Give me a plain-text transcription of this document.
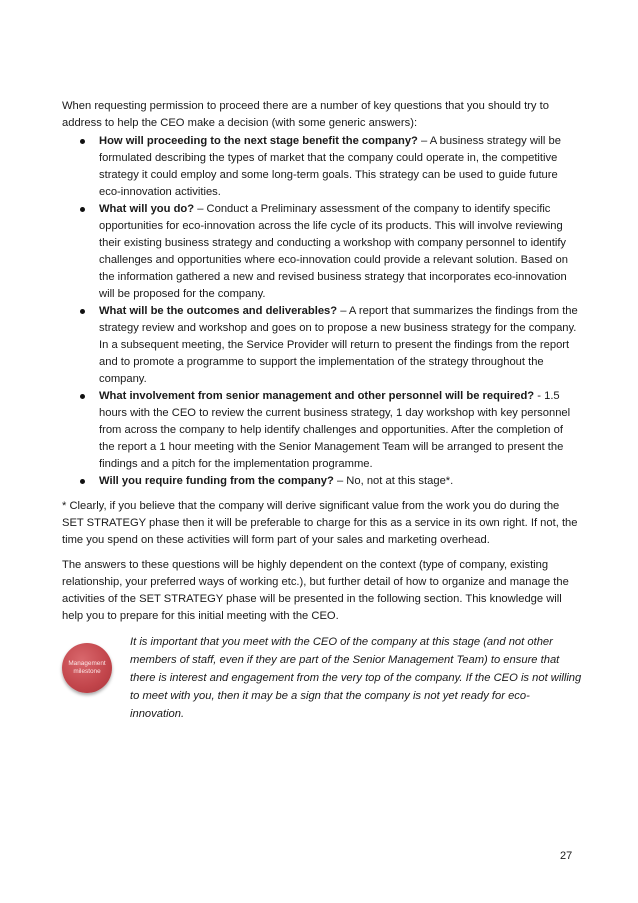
When requesting permission to proceed there are a number of key questions that you should try to address to help the CEO make a decision (with some generic answers):

How will proceeding to the next stage benefit the company? – A business strategy will be formulated describing the types of market that the company could operate in, the competitive strategy it could employ and some long-term goals. This strategy can be used to guide future eco-innovation activities.
What will you do? – Conduct a Preliminary assessment of the company to identify specific opportunities for eco-innovation across the life cycle of its products. This will involve reviewing their existing business strategy and conducting a workshop with company personnel to identify challenges and opportunities where eco-innovation could provide a relevant solution. Based on the information gathered a new and revised business strategy that incorporates eco-innovation will be proposed for the company.
What will be the outcomes and deliverables? – A report that summarizes the findings from the strategy review and workshop and goes on to propose a new business strategy for the company. In a subsequent meeting, the Service Provider will return to present the findings from the report and to promote a programme to support the implementation of the strategy throughout the company.
What involvement from senior management and other personnel will be required? - 1.5 hours with the CEO to review the current business strategy, 1 day workshop with key personnel from across the company to help identify challenges and opportunities. After the completion of the report a 1 hour meeting with the Senior Management Team will be arranged to present the findings and a pitch for the implementation programme.
Will you require funding from the company? – No, not at this stage*.

* Clearly, if you believe that the company will derive significant value from the work you do during the SET STRATEGY phase then it will be preferable to charge for this as a service in its own right. If not, the time you spend on these activities will form part of your sales and marketing overhead.

The answers to these questions will be highly dependent on the context (type of company, existing relationship, your preferred ways of working etc.), but further detail of how to organize and manage the activities of the SET STRATEGY phase will be presented in the following section. This knowledge will help you to prepare for this initial meeting with the CEO.

Management milestone

It is important that you meet with the CEO of the company at this stage (and not other members of staff, even if they are part of the Senior Management Team) to ensure that there is interest and engagement from the very top of the company. If the CEO is not willing to meet with you, then it may be a sign that the company is not yet ready for eco-innovation.

27
